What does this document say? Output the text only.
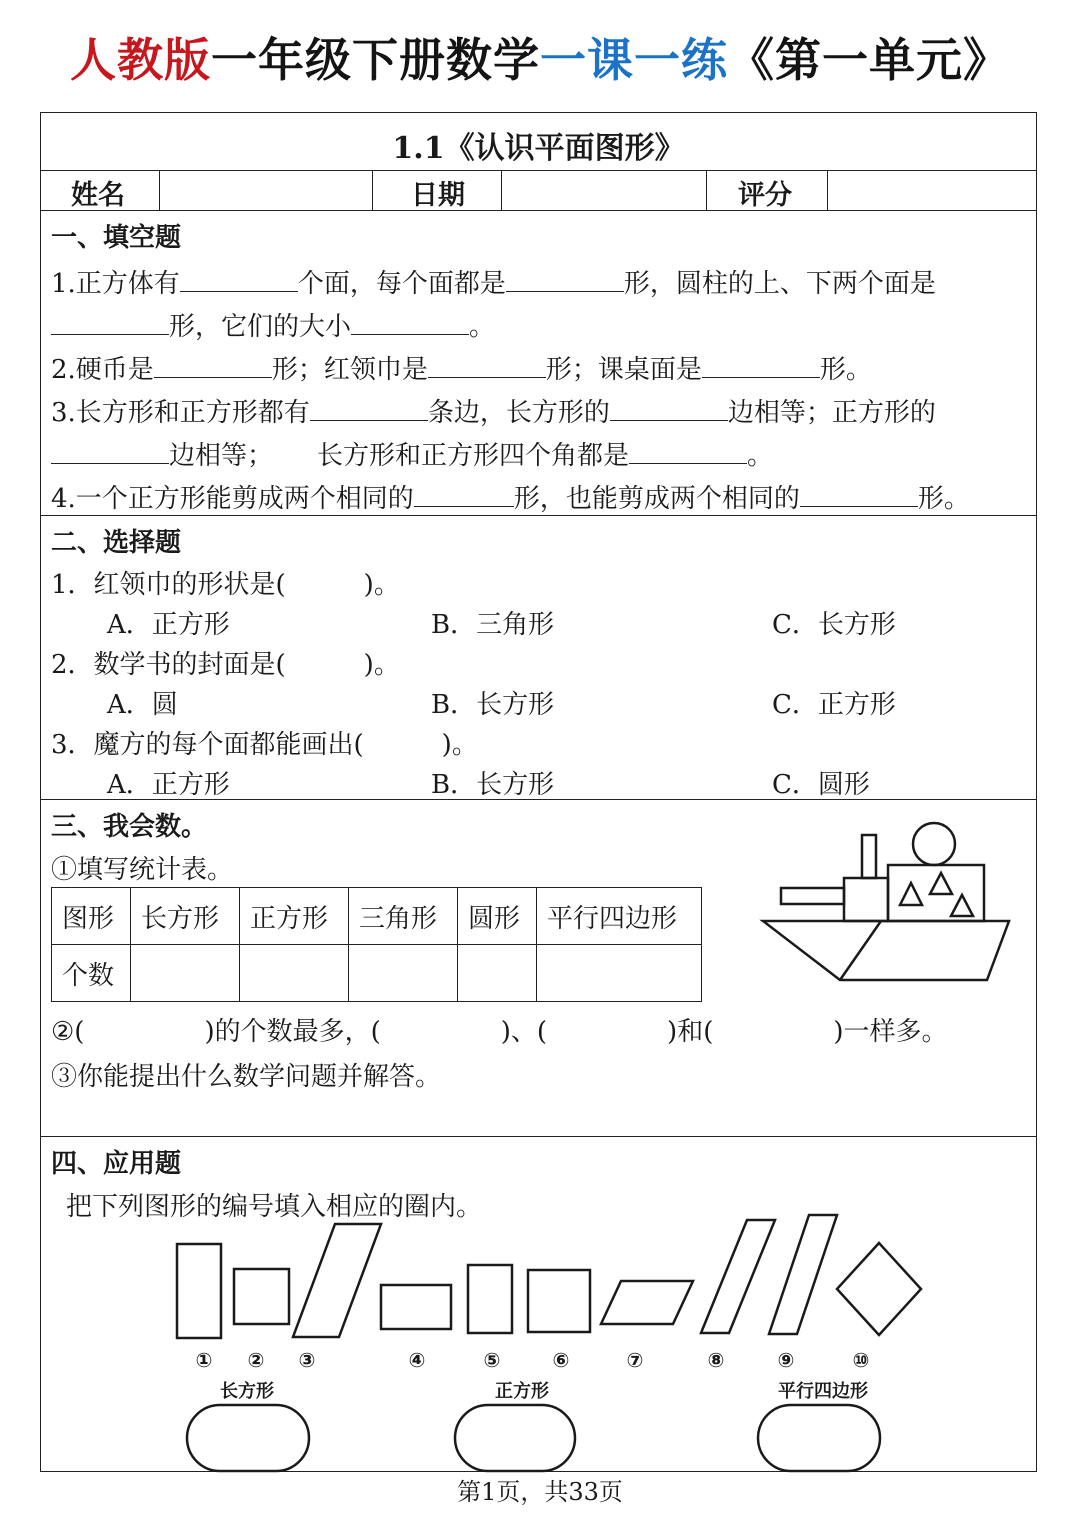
人教版一年级下册数学一课一练《第一单元》
1.1《认识平面图形》
姓名	日期	评分
一、填空题
1.正方体有	个面，每个面都是	形，圆柱的上、下两个面是
形，它们的大小	。
2.硬币是	形；红领巾是	形；课桌面是	形。
3.长方形和正方形都有	条边，长方形的	边相等；正方形的
边相等； 长方形和正方形四个角都是	。
4.一个正方形能剪成两个相同的	形，也能剪成两个相同的	形。
二、选择题
1．红领巾的形状是(　　　)。
A．正方形	B．三角形	C．长方形
2．数学书的封面是(　　　)。
A．圆	B．长方形	C．正方形
3．魔方的每个面都能画出(　　　)。
A．正方形	B．长方形	C．圆形
三、我会数。
①填写统计表。
图形	长方形	正方形	三角形	圆形	平行四边形
个数					
②(	)的个数最多，(	)、(	)和(	)一样多。
③你能提出什么数学问题并解答。
四、应用题
把下列图形的编号填入相应的圈内。
① ② ③	④	⑤	⑥	⑦	⑧	⑨	⑩
长方形	正方形	平行四边形
第1页，共33页
